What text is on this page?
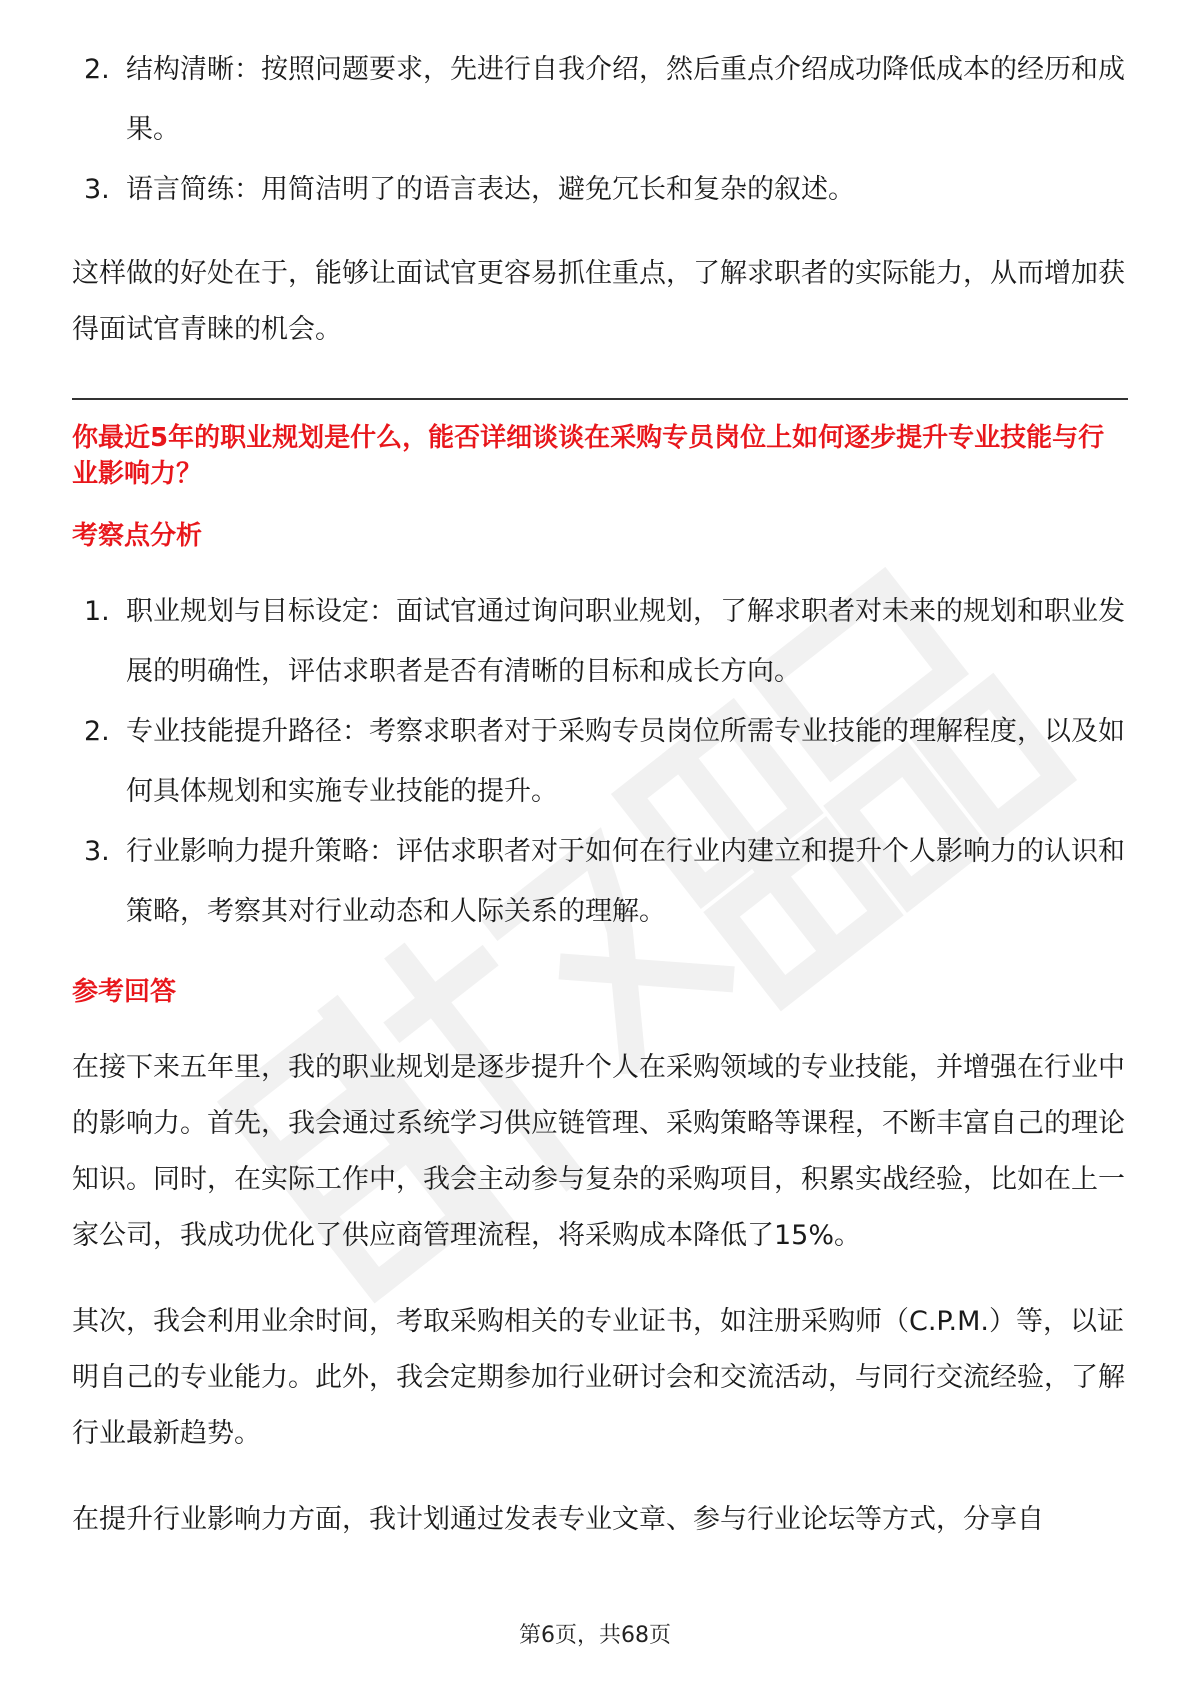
2. 结构清晰：按照问题要求，先进行自我介绍，然后重点介绍成功降低成本的经历和成果。
3. 语言简练：用简洁明了的语言表达，避免冗长和复杂的叙述。

这样做的好处在于，能够让面试官更容易抓住重点，了解求职者的实际能力，从而增加获得面试官青睐的机会。

你最近5年的职业规划是什么，能否详细谈谈在采购专员岗位上如何逐步提升专业技能与行业影响力？

考察点分析

1. 职业规划与目标设定：面试官通过询问职业规划，了解求职者对未来的规划和职业发展的明确性，评估求职者是否有清晰的目标和成长方向。
2. 专业技能提升路径：考察求职者对于采购专员岗位所需专业技能的理解程度，以及如何具体规划和实施专业技能的提升。
3. 行业影响力提升策略：评估求职者对于如何在行业内建立和提升个人影响力的认识和策略，考察其对行业动态和人际关系的理解。

参考回答

在接下来五年里，我的职业规划是逐步提升个人在采购领域的专业技能，并增强在行业中的影响力。首先，我会通过系统学习供应链管理、采购策略等课程，不断丰富自己的理论知识。同时，在实际工作中，我会主动参与复杂的采购项目，积累实战经验，比如在上一家公司，我成功优化了供应商管理流程，将采购成本降低了15%。

其次，我会利用业余时间，考取采购相关的专业证书，如注册采购师（C.P.M.）等，以证明自己的专业能力。此外，我会定期参加行业研讨会和交流活动，与同行交流经验，了解行业最新趋势。

在提升行业影响力方面，我计划通过发表专业文章、参与行业论坛等方式，分享自

第6页，共68页
